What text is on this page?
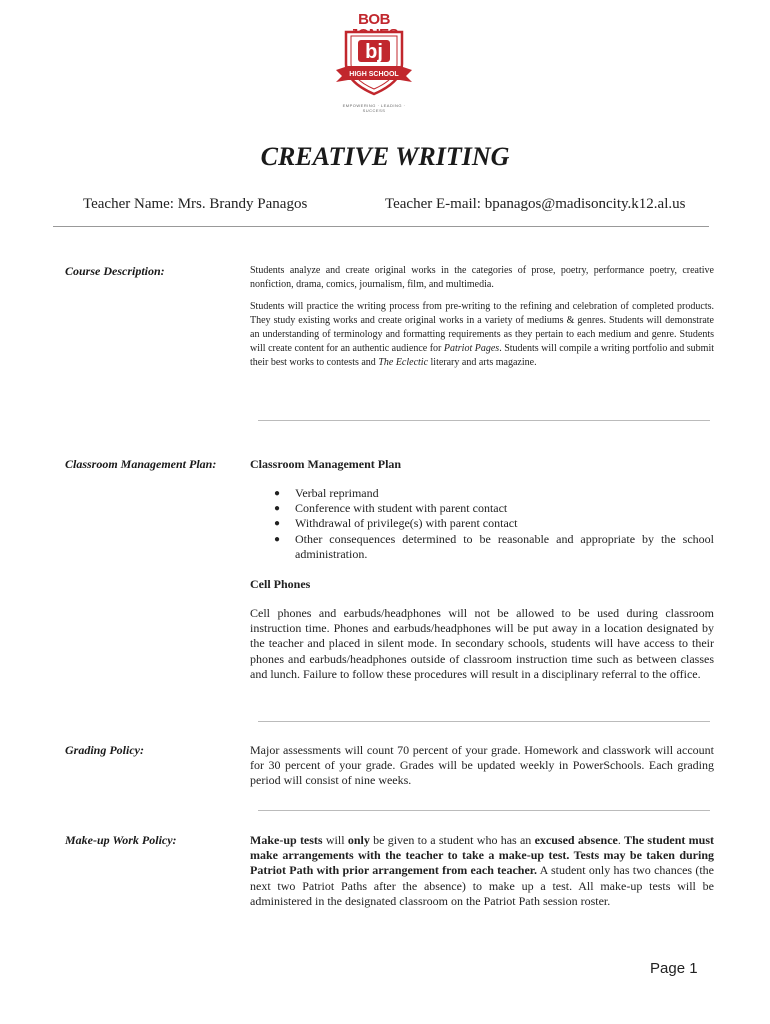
BOB
bj
HIGH SCHOOL
EMPOWERING · LEADING · SUCCESS
CREATIVE WRITING
Teacher Name: Mrs. Brandy Panagos	Teacher E-mail: bpanagos@madisoncity.k12.al.us
Course Description:	Students analyze and create original works in the categories of prose, poetry, performance poetry, creative nonfiction, drama, comics, journalism, film, and multimedia.

Students will practice the writing process from pre-writing to the refining and celebration of completed products. They study existing works and create original works in a variety of mediums & genres. Students will demonstrate an understanding of terminology and formatting requirements as they pertain to each medium and genre. Students will create content for an authentic audience for Patriot Pages. Students will compile a writing portfolio and submit their best works to contests and The Eclectic literary and arts magazine.

Classroom Management Plan:	Classroom Management Plan
● Verbal reprimand
● Conference with student with parent contact
● Withdrawal of privilege(s) with parent contact
● Other consequences determined to be reasonable and appropriate by the school administration.
Cell Phones

Cell phones and earbuds/headphones will not be allowed to be used during classroom instruction time. Phones and earbuds/headphones will be put away in a location designated by the teacher and placed in silent mode. In secondary schools, students will have access to their phones and earbuds/headphones outside of classroom instruction time such as between classes and lunch. Failure to follow these procedures will result in a disciplinary referral to the office.

Grading Policy:	Major assessments will count 70 percent of your grade. Homework and classwork will account for 30 percent of your grade. Grades will be updated weekly in PowerSchools. Each grading period will consist of nine weeks.

Make-up Work Policy:	Make-up tests will only be given to a student who has an excused absence. The student must make arrangements with the teacher to take a make-up test. Tests may be taken during Patriot Path with prior arrangement from each teacher. A student only has two chances (the next two Patriot Paths after the absence) to make up a test. All make-up tests will be administered in the designated classroom on the Patriot Path session roster.

Page 1
